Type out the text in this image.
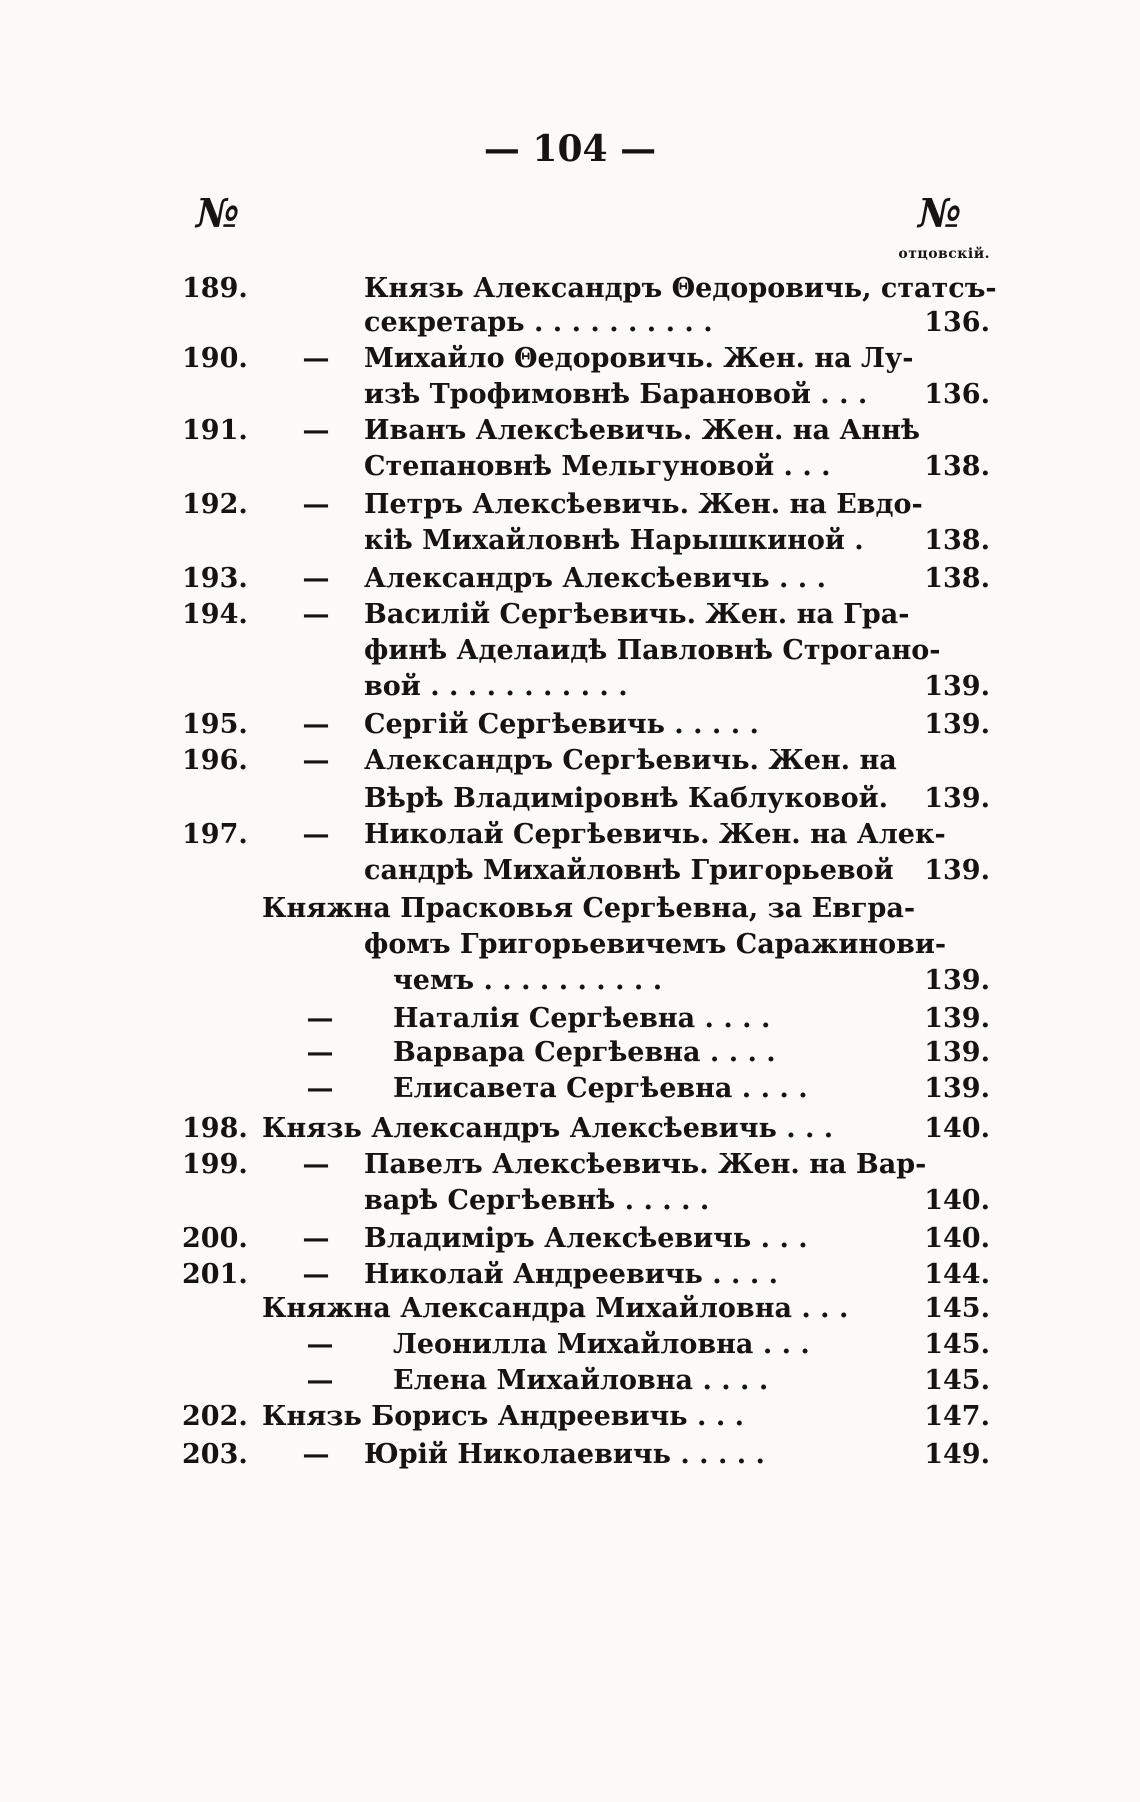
— 104 —
№	№
отцовскій.
189.	Князь Александръ Θедоровичь, статсъ-
секретарь . . . . . . . . . .	136.
190. — Михайло Θедоровичь. Жен. на Лу-
изѣ Трофимовнѣ Барановой . . .	136.
191. — Иванъ Алексѣевичь. Жен. на Аннѣ
Степановнѣ Мельгуновой . . .	138.
192. — Петръ Алексѣевичь. Жен. на Евдо-
кіѣ Михайловнѣ Нарышкиной .	138.
193. — Александръ Алексѣевичь . . .	138.
194. — Василій Сергѣевичь. Жен. на Гра-
финѣ Аделаидѣ Павловнѣ Строгано-
вой . . . . . . . . . . .	139.
195. — Сергій Сергѣевичь . . . . .	139.
196. — Александръ Сергѣевичь. Жен. на
Вѣрѣ Владиміровнѣ Каблуковой.	139.
197. — Николай Сергѣевичь. Жен. на Алек-
сандрѣ Михайловнѣ Григорьевой	139.
Княжна Прасковья Сергѣевна, за Евгра-
фомъ Григорьевичемъ Саражинови-
чемъ . . . . . . . . . .	139.
— Наталія Сергѣевна . . . .	139.
— Варвара Сергѣевна . . . .	139.
— Елисавета Сергѣевна . . . .	139.
198. Князь Александръ Алексѣевичь . . .	140.
199. — Павелъ Алексѣевичь. Жен. на Вар-
варѣ Сергѣевнѣ . . . . .	140.
200. — Владиміръ Алексѣевичь . . .	140.
201. — Николай Андреевичь . . . .	144.
Княжна Александра Михайловна . . .	145.
— Леонилла Михайловна . . .	145.
— Елена Михайловна . . . .	145.
202. Князь Борисъ Андреевичь . . .	147.
203. — Юрій Николаевичь . . . . .	149.
